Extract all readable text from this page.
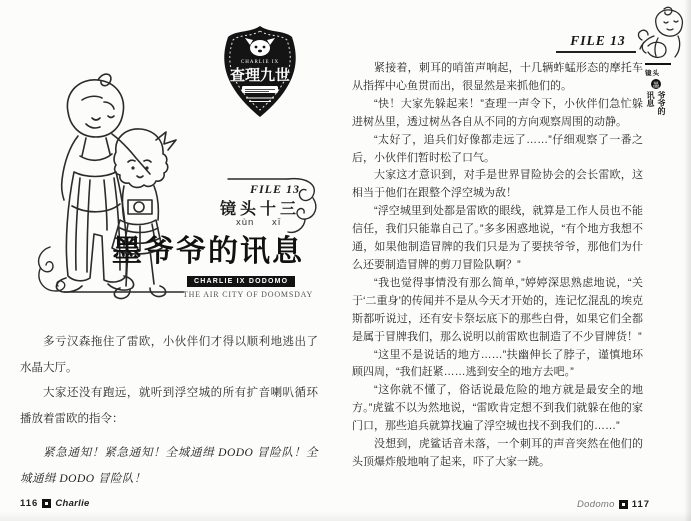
CHARLIE IX
查理九世
FILE 13
镜头十三
xùn xī
墨爷爷的讯息
CHARLIE IX DODOMO
THE AIR CITY OF DOOMSDAY

多亏汉森拖住了雷欧，小伙伴们才得以顺利地逃出了水晶大厅。

大家还没有跑远，就听到浮空城的所有扩音喇叭循环播放着雷欧的指令：

紧急通知！紧急通知！全城通缉 DODO 冒险队！全城通缉 DODO 冒险队！

116 Charlie
FILE 13
镜头
墨
爷爷的讯息

紧接着，刺耳的哨笛声响起，十几辆蚱蜢形态的摩托车从指挥中心鱼贯而出，很显然是来抓他们的。

“快！大家先躲起来！”查理一声令下，小伙伴们急忙躲进树丛里，透过树丛各自从不同的方向观察周围的动静。

“太好了，追兵们好像都走远了……”仔细观察了一番之后，小伙伴们暂时松了口气。

大家这才意识到，对手是世界冒险协会的会长雷欧，这相当于他们在跟整个浮空城为敌！

“浮空城里到处都是雷欧的眼线，就算是工作人员也不能信任，我们只能靠自己了。”多多困惑地说，“有个地方我想不通，如果他制造冒牌的我们只是为了要挟爷爷，那他们为什么还要制造冒牌的剪刀冒险队啊？”

“我也觉得事情没有那么简单，”婷婷深思熟虑地说，“关于‘二重身’的传闻并不是从今天才开始的，连记忆混乱的埃克斯都听说过，还有安卡祭坛底下的那些白骨，如果它们全都是属于冒牌我们，那么说明以前雷欧也制造了不少冒牌货！”

“这里不是说话的地方……”扶幽伸长了脖子，谨慎地环顾四周，“我们赶紧……逃到安全的地方去吧。”

“这你就不懂了，俗话说最危险的地方就是最安全的地方。”虎鲨不以为然地说，“雷欧肯定想不到我们就躲在他的家门口，那些追兵就算找遍了浮空城也找不到我们的……”

没想到，虎鲨话音未落，一个刺耳的声音突然在他们的头顶爆炸般地响了起来，吓了大家一跳。

Dodomo 117
